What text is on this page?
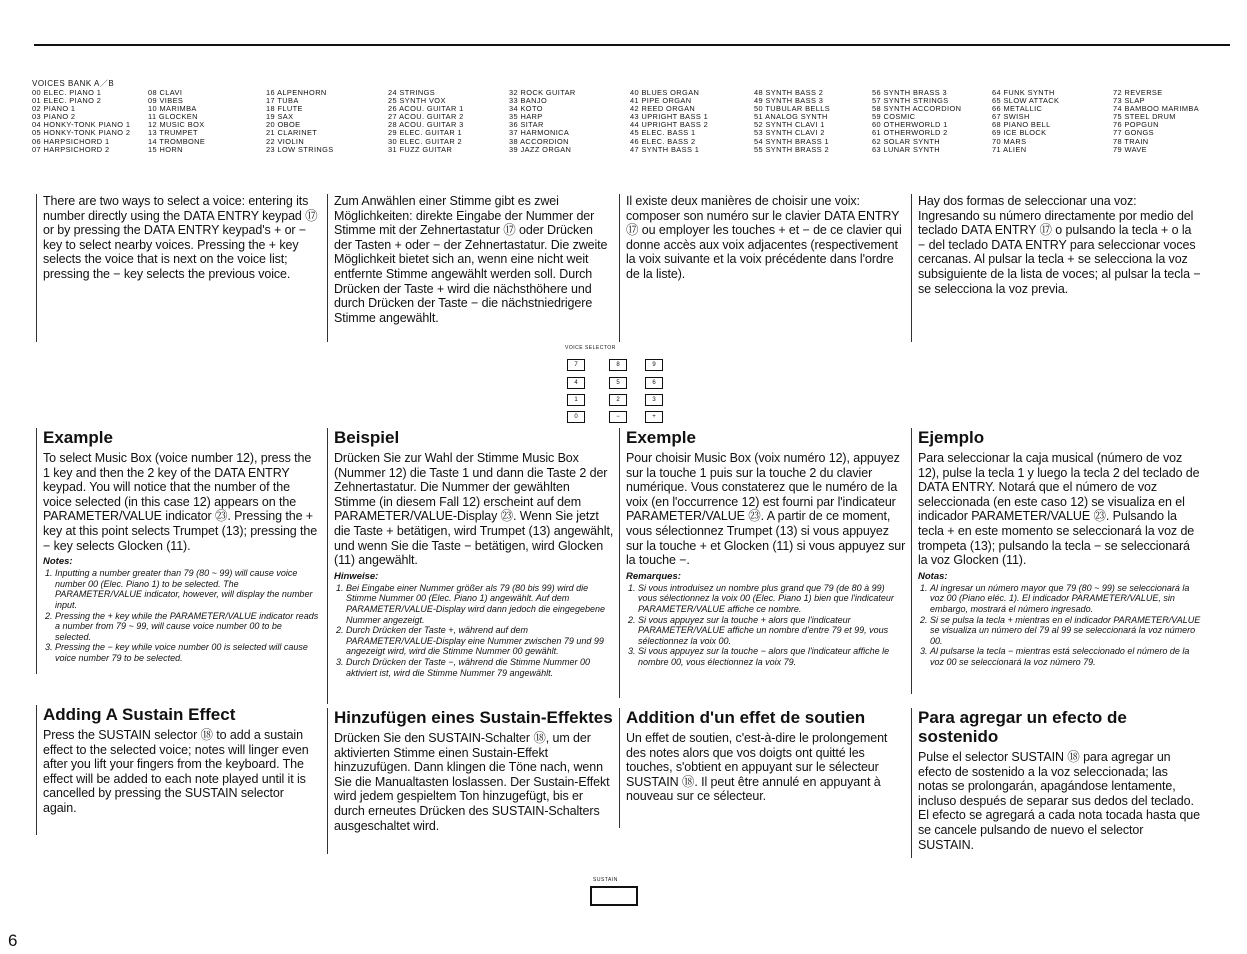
VOICES BANK A／B
00 ELEC. PIANO 1
01 ELEC. PIANO 2
02 PIANO 1
03 PIANO 2
04 HONKY-TONK PIANO 1
05 HONKY-TONK PIANO 2
06 HARPSICHORD 1
07 HARPSICHORD 2
08 CLAVI
09 VIBES
10 MARIMBA
11 GLOCKEN
12 MUSIC BOX
13 TRUMPET
14 TROMBONE
15 HORN
16 ALPENHORN
17 TUBA
18 FLUTE
19 SAX
20 OBOE
21 CLARINET
22 VIOLIN
23 LOW STRINGS
24 STRINGS
25 SYNTH VOX
26 ACOU. GUITAR 1
27 ACOU. GUITAR 2
28 ACOU. GUITAR 3
29 ELEC. GUITAR 1
30 ELEC. GUITAR 2
31 FUZZ GUITAR
32 ROCK GUITAR
33 BANJO
34 KOTO
35 HARP
36 SITAR
37 HARMONICA
38 ACCORDION
39 JAZZ ORGAN
40 BLUES ORGAN
41 PIPE ORGAN
42 REED ORGAN
43 UPRIGHT BASS 1
44 UPRIGHT BASS 2
45 ELEC. BASS 1
46 ELEC. BASS 2
47 SYNTH BASS 1
48 SYNTH BASS 2
49 SYNTH BASS 3
50 TUBULAR BELLS
51 ANALOG SYNTH
52 SYNTH CLAVI 1
53 SYNTH CLAVI 2
54 SYNTH BRASS 1
55 SYNTH BRASS 2
56 SYNTH BRASS 3
57 SYNTH STRINGS
58 SYNTH ACCORDION
59 COSMIC
60 OTHERWORLD 1
61 OTHERWORLD 2
62 SOLAR SYNTH
63 LUNAR SYNTH
64 FUNK SYNTH
65 SLOW ATTACK
66 METALLIC
67 SWISH
68 PIANO BELL
69 ICE BLOCK
70 MARS
71 ALIEN
72 REVERSE
73 SLAP
74 BAMBOO MARIMBA
75 STEEL DRUM
76 POPGUN
77 GONGS
78 TRAIN
79 WAVE

There are two ways to select a voice: entering its number directly using the DATA ENTRY keypad ⑰ or by pressing the DATA ENTRY keypad's + or − key to select nearby voices. Pressing the + key selects the voice that is next on the voice list; pressing the − key selects the previous voice.

Zum Anwählen einer Stimme gibt es zwei Möglichkeiten: direkte Eingabe der Nummer der Stimme mit der Zehnertastatur ⑰ oder Drücken der Tasten + oder − der Zehnertastatur. Die zweite Möglichkeit bietet sich an, wenn eine nicht weit entfernte Stimme angewählt werden soll. Durch Drücken der Taste + wird die nächsthöhere und durch Drücken der Taste − die nächstniedrigere Stimme angewählt.

Il existe deux manières de choisir une voix: composer son numéro sur le clavier DATA ENTRY ⑰ ou employer les touches + et − de ce clavier qui donne accès aux voix adjacentes (respectivement la voix suivante et la voix précédente dans l'ordre de la liste).

Hay dos formas de seleccionar una voz: Ingresando su número directamente por medio del teclado DATA ENTRY ⑰ o pulsando la tecla + o la − del teclado DATA ENTRY para seleccionar voces cercanas. Al pulsar la tecla + se selecciona la voz subsiguiente de la lista de voces; al pulsar la tecla − se selecciona la voz previa.

VOICE SELECTOR
7	8	9
4	5	6
1	2	3
0	−	+

Example

To select Music Box (voice number 12), press the 1 key and then the 2 key of the DATA ENTRY keypad. You will notice that the number of the voice selected (in this case 12) appears on the PARAMETER/VALUE indicator ㉓. Pressing the + key at this point selects Trumpet (13); pressing the − key selects Glocken (11).

Notes:

1. Inputting a number greater than 79 (80 ~ 99) will cause voice number 00 (Elec. Piano 1) to be selected. The PARAMETER/VALUE indicator, however, will display the number input.
2. Pressing the + key while the PARAMETER/VALUE indicator reads a number from 79 ~ 99, will cause voice number 00 to be selected.
3. Pressing the − key while voice number 00 is selected will cause voice number 79 to be selected.

Beispiel

Drücken Sie zur Wahl der Stimme Music Box (Nummer 12) die Taste 1 und dann die Taste 2 der Zehnertastatur. Die Nummer der gewählten Stimme (in diesem Fall 12) erscheint auf dem PARAMETER/VALUE-Display ㉓. Wenn Sie jetzt die Taste + betätigen, wird Trumpet (13) angewählt, und wenn Sie die Taste − betätigen, wird Glocken (11) angewählt.

Hinweise:

1. Bei Eingabe einer Nummer größer als 79 (80 bis 99) wird die Stimme Nummer 00 (Elec. Piano 1) angewählt. Auf dem PARAMETER/VALUE-Display wird dann jedoch die eingegebene Nummer angezeigt.
2. Durch Drücken der Taste +, während auf dem PARAMETER/VALUE-Display eine Nummer zwischen 79 und 99 angezeigt wird, wird die Stimme Nummer 00 gewählt.
3. Durch Drücken der Taste −, während die Stimme Nummer 00 aktiviert ist, wird die Stimme Nummer 79 angewählt.

Exemple

Pour choisir Music Box (voix numéro 12), appuyez sur la touche 1 puis sur la touche 2 du clavier numérique. Vous constaterez que le numéro de la voix (en l'occurrence 12) est fourni par l'indicateur PARAMETER/VALUE ㉓. A partir de ce moment, vous sélectionnez Trumpet (13) si vous appuyez sur la touche + et Glocken (11) si vous appuyez sur la touche −.

Remarques:

1. Si vous introduisez un nombre plus grand que 79 (de 80 à 99) vous sélectionnez la voix 00 (Elec. Piano 1) bien que l'indicateur PARAMETER/VALUE affiche ce nombre.
2. Si vous appuyez sur la touche + alors que l'indicateur PARAMETER/VALUE affiche un nombre d'entre 79 et 99, vous sélectionnez la voix 00.
3. Si vous appuyez sur la touche − alors que l'indicateur affiche le nombre 00, vous électionnez la voix 79.

Ejemplo

Para seleccionar la caja musical (número de voz 12), pulse la tecla 1 y luego la tecla 2 del teclado de DATA ENTRY. Notará que el número de voz seleccionada (en este caso 12) se visualiza en el indicador PARAMETER/VALUE ㉓. Pulsando la tecla + en este momento se seleccionará la voz de trompeta (13); pulsando la tecla − se seleccionará la voz Glocken (11).

Notas:

1. Al ingresar un número mayor que 79 (80 ~ 99) se seleccionará la voz 00 (Piano eléc. 1). El indicador PARAMETER/VALUE, sin embargo, mostrará el número ingresado.
2. Si se pulsa la tecla + mientras en el indicador PARAMETER/VALUE se visualiza un número del 79 al 99 se seleccionará la voz número 00.
3. Al pulsarse la tecla − mientras está seleccionado el número de la voz 00 se seleccionará la voz número 79.

Adding A Sustain Effect

Press the SUSTAIN selector ⑱ to add a sustain effect to the selected voice; notes will linger even after you lift your fingers from the keyboard. The effect will be added to each note played until it is cancelled by pressing the SUSTAIN selector again.

Hinzufügen eines Sustain-Effektes

Drücken Sie den SUSTAIN-Schalter ⑱, um der aktivierten Stimme einen Sustain-Effekt hinzuzufügen. Dann klingen die Töne nach, wenn Sie die Manualtasten loslassen. Der Sustain-Effekt wird jedem gespieltem Ton hinzugefügt, bis er durch erneutes Drücken des SUSTAIN-Schalters ausgeschaltet wird.

Addition d'un effet de soutien

Un effet de soutien, c'est-à-dire le prolongement des notes alors que vos doigts ont quitté les touches, s'obtient en appuyant sur le sélecteur SUSTAIN ⑱. Il peut être annulé en appuyant à nouveau sur ce sélecteur.

Para agregar un efecto de sostenido

Pulse el selector SUSTAIN ⑱ para agregar un efecto de sostenido a la voz seleccionada; las notas se prolongarán, apagándose lentamente, incluso después de separar sus dedos del teclado. El efecto se agregará a cada nota tocada hasta que se cancele pulsando de nuevo el selector SUSTAIN.

SUSTAIN
6
